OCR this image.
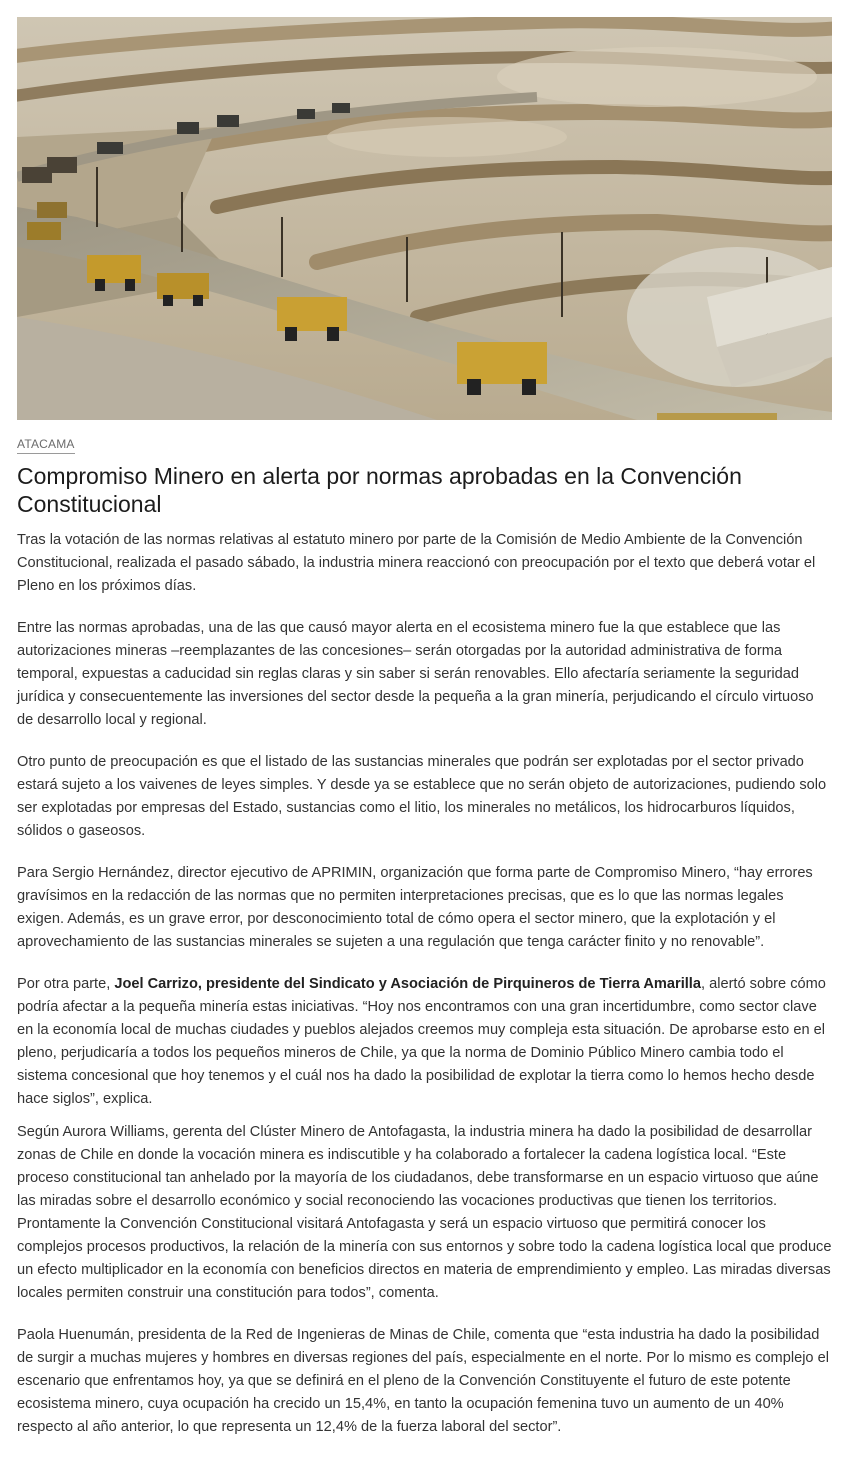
ATACAMA
Compromiso Minero en alerta por normas aprobadas en la Convención Constitucional

Tras la votación de las normas relativas al estatuto minero por parte de la Comisión de Medio Ambiente de la Convención Constitucional, realizada el pasado sábado, la industria minera reaccionó con preocupación por el texto que deberá votar el Pleno en los próximos días.

Entre las normas aprobadas, una de las que causó mayor alerta en el ecosistema minero fue la que establece que las autorizaciones mineras –reemplazantes de las concesiones– serán otorgadas por la autoridad administrativa de forma temporal, expuestas a caducidad sin reglas claras y sin saber si serán renovables. Ello afectaría seriamente la seguridad jurídica y consecuentemente las inversiones del sector desde la pequeña a la gran minería, perjudicando el círculo virtuoso de desarrollo local y regional.

Otro punto de preocupación es que el listado de las sustancias minerales que podrán ser explotadas por el sector privado estará sujeto a los vaivenes de leyes simples. Y desde ya se establece que no serán objeto de autorizaciones, pudiendo solo ser explotadas por empresas del Estado, sustancias como el litio, los minerales no metálicos, los hidrocarburos líquidos, sólidos o gaseosos.

Para Sergio Hernández, director ejecutivo de APRIMIN, organización que forma parte de Compromiso Minero, “hay errores gravísimos en la redacción de las normas que no permiten interpretaciones precisas, que es lo que las normas legales exigen. Además, es un grave error, por desconocimiento total de cómo opera el sector minero, que la explotación y el aprovechamiento de las sustancias minerales se sujeten a una regulación que tenga carácter finito y no renovable”.

Por otra parte, Joel Carrizo, presidente del Sindicato y Asociación de Pirquineros de Tierra Amarilla, alertó sobre cómo podría afectar a la pequeña minería estas iniciativas. “Hoy nos encontramos con una gran incertidumbre, como sector clave en la economía local de muchas ciudades y pueblos alejados creemos muy compleja esta situación. De aprobarse esto en el pleno, perjudicaría a todos los pequeños mineros de Chile, ya que la norma de Dominio Público Minero cambia todo el sistema concesional que hoy tenemos y el cuál nos ha dado la posibilidad de explotar la tierra como lo hemos hecho desde hace siglos”, explica.

Según Aurora Williams, gerenta del Clúster Minero de Antofagasta, la industria minera ha dado la posibilidad de desarrollar zonas de Chile en donde la vocación minera es indiscutible y ha colaborado a fortalecer la cadena logística local. “Este proceso constitucional tan anhelado por la mayoría de los ciudadanos, debe transformarse en un espacio virtuoso que aúne las miradas sobre el desarrollo económico y social reconociendo las vocaciones productivas que tienen los territorios. Prontamente la Convención Constitucional visitará Antofagasta y será un espacio virtuoso que permitirá conocer los complejos procesos productivos, la relación de la minería con sus entornos y sobre todo la cadena logística local que produce un efecto multiplicador en la economía con beneficios directos en materia de emprendimiento y empleo. Las miradas diversas locales permiten construir una constitución para todos”, comenta.

Paola Huenumán, presidenta de la Red de Ingenieras de Minas de Chile, comenta que “esta industria ha dado la posibilidad de surgir a muchas mujeres y hombres en diversas regiones del país, especialmente en el norte. Por lo mismo es complejo el escenario que enfrentamos hoy, ya que se definirá en el pleno de la Convención Constituyente el futuro de este potente ecosistema minero, cuya ocupación ha crecido un 15,4%, en tanto la ocupación femenina tuvo un aumento de un 40% respecto al año anterior, lo que representa un 12,4% de la fuerza laboral del sector”.
